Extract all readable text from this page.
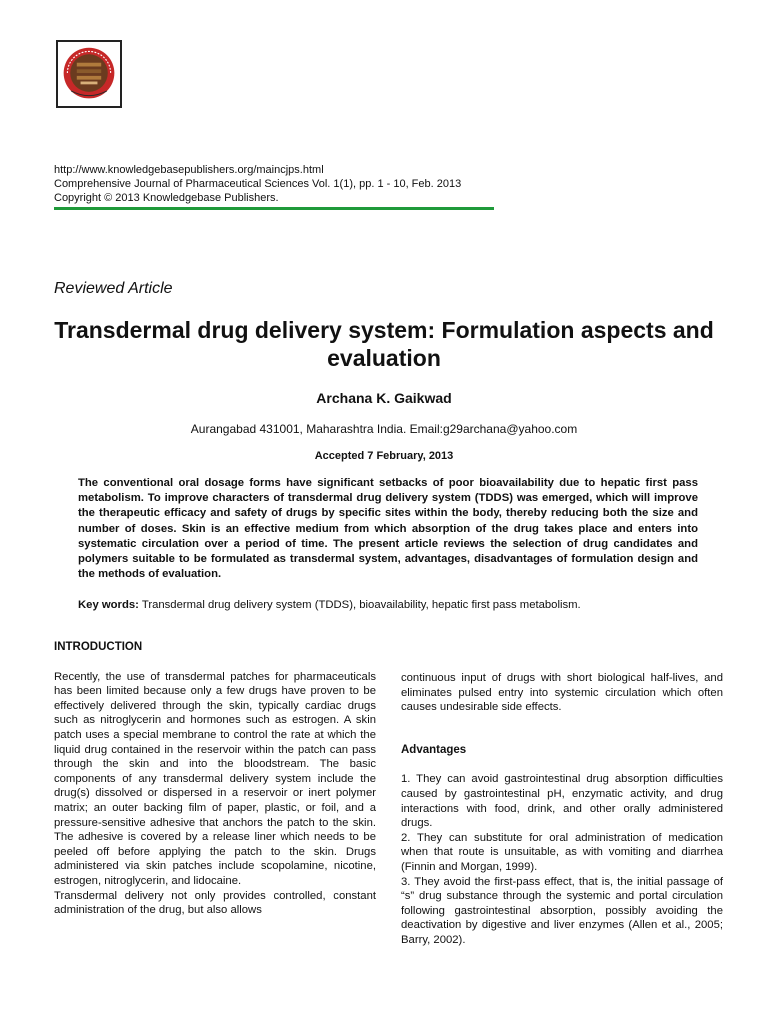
http://www.knowledgebasepublishers.org/maincjps.html
Comprehensive Journal of Pharmaceutical Sciences Vol. 1(1), pp. 1 - 10, Feb. 2013
Copyright © 2013 Knowledgebase Publishers.
Reviewed Article
Transdermal drug delivery system: Formulation aspects and evaluation
Archana K. Gaikwad
Aurangabad 431001, Maharashtra India. Email:g29archana@yahoo.com
Accepted 7 February, 2013
The conventional oral dosage forms have significant setbacks of poor bioavailability due to hepatic first pass metabolism. To improve characters of transdermal drug delivery system (TDDS) was emerged, which will improve the therapeutic efficacy and safety of drugs by specific sites within the body, thereby reducing both the size and number of doses. Skin is an effective medium from which absorption of the drug takes place and enters into systematic circulation over a period of time. The present article reviews the selection of drug candidates and polymers suitable to be formulated as transdermal system, advantages, disadvantages of formulation design and the methods of evaluation.
Key words: Transdermal drug delivery system (TDDS), bioavailability, hepatic first pass metabolism.
INTRODUCTION

Recently, the use of transdermal patches for pharmaceuticals has been limited because only a few drugs have proven to be effectively delivered through the skin, typically cardiac drugs such as nitroglycerin and hormones such as estrogen. A skin patch uses a special membrane to control the rate at which the liquid drug contained in the reservoir within the patch can pass through the skin and into the bloodstream. The basic components of any transdermal delivery system include the drug(s) dissolved or dispersed in a reservoir or inert polymer matrix; an outer backing film of paper, plastic, or foil, and a pressure-sensitive adhesive that anchors the patch to the skin. The adhesive is covered by a release liner which needs to be peeled off before applying the patch to the skin. Drugs administered via skin patches include scopolamine, nicotine, estrogen, nitroglycerin, and lidocaine.

Transdermal delivery not only provides controlled, constant administration of the drug, but also allows

continuous input of drugs with short biological half-lives, and eliminates pulsed entry into systemic circulation which often causes undesirable side effects.

Advantages

1. They can avoid gastrointestinal drug absorption difficulties caused by gastrointestinal pH, enzymatic activity, and drug interactions with food, drink, and other orally administered drugs.

2. They can substitute for oral administration of medication when that route is unsuitable, as with vomiting and diarrhea (Finnin and Morgan, 1999).

3. They avoid the first-pass effect, that is, the initial passage of “s” drug substance through the systemic and portal circulation following gastrointestinal absorption, possibly avoiding the deactivation by digestive and liver enzymes (Allen et al., 2005; Barry, 2002).
